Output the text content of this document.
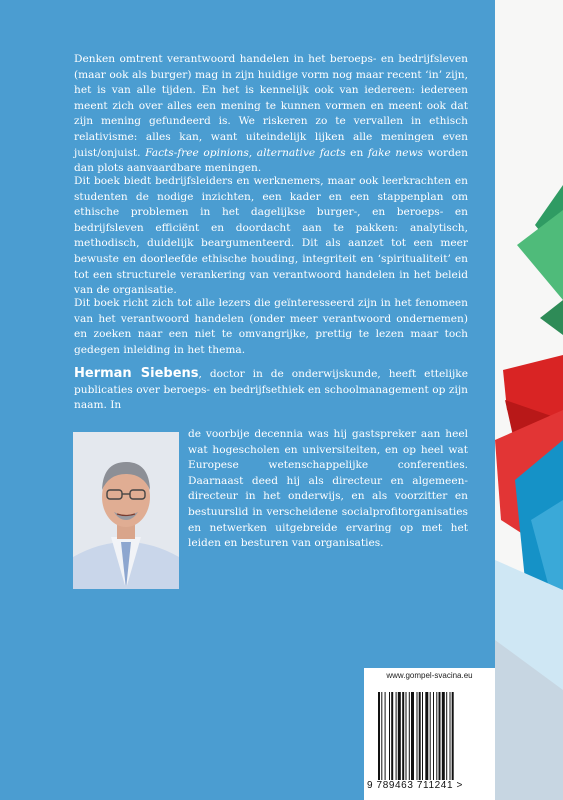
Denken omtrent verantwoord handelen in het beroeps- en bedrijfsleven (maar ook als burger) mag in zijn huidige vorm nog maar recent ‘in’ zijn, het is van alle tijden. En het is kennelijk ook van iedereen: iedereen meent zich over alles een mening te kunnen vormen en meent ook dat zijn mening gefundeerd is. We riskeren zo te vervallen in ethisch relativisme: alles kan, want uiteindelijk lijken alle meningen even juist/onjuist. Facts-free opinions, alternative facts en fake news worden dan plots aanvaardbare meningen.
Dit boek biedt bedrijfsleiders en werknemers, maar ook leerkrachten en studenten de nodige inzichten, een kader en een stappenplan om ethische problemen in het dagelijkse burger-, en beroeps- en bedrijfsleven efficiënt en doordacht aan te pakken: analytisch, methodisch, duidelijk beargumenteerd. Dit als aanzet tot een meer bewuste en doorleefde ethische houding, integriteit en ‘spiritualiteit’ en tot een structurele verankering van verantwoord handelen in het beleid van de organisatie.
Dit boek richt zich tot alle lezers die geïnteresseerd zijn in het fenomeen van het verantwoord handelen (onder meer verantwoord ondernemen) en zoeken naar een niet te omvangrijke, prettig te lezen maar toch gedegen inleiding in het thema.
Herman Siebens, doctor in de onderwijskunde, heeft ettelijke publicaties over beroeps- en bedrijfsethiek en schoolmanagement op zijn naam. In
de voorbije decennia was hij gastspreker aan heel wat hogescholen en universiteiten, en op heel wat Europese wetenschappelijke conferenties. Daarnaast deed hij als directeur en algemeen-directeur in het onderwijs, en als voorzitter en bestuurslid in verscheidene socialprofitorganisaties en netwerken uitgebreide ervaring op met het leiden en besturen van organisaties.
www.gompel-svacina.eu
9 789463 711241 >
